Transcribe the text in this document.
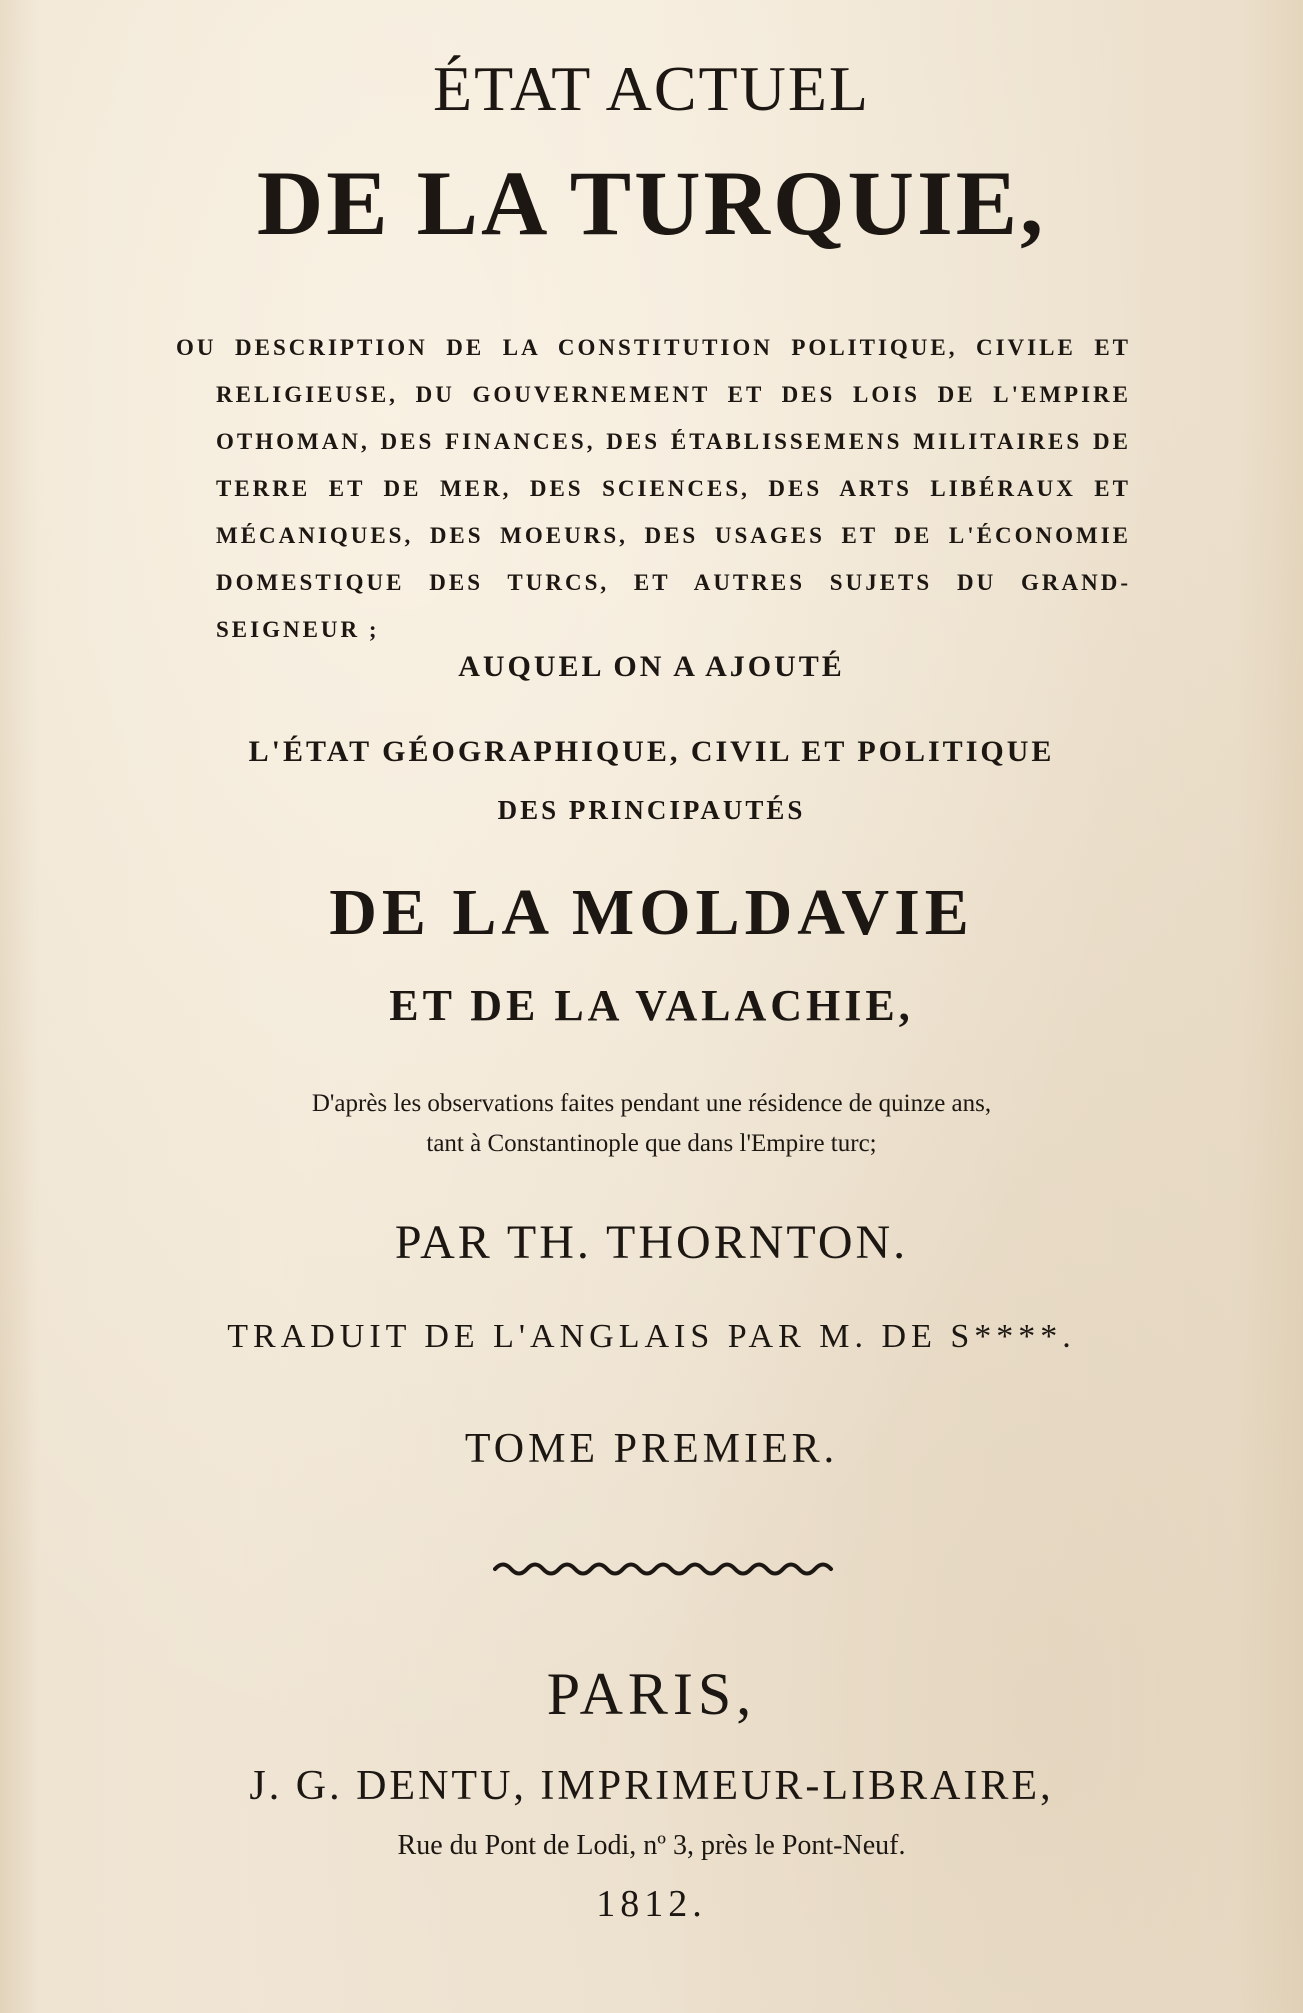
ÉTAT ACTUEL
DE LA TURQUIE,

OU DESCRIPTION DE LA CONSTITUTION POLITIQUE, CIVILE ET

RELIGIEUSE, DU GOUVERNEMENT ET DES LOIS DE L'EMPIRE

OTHOMAN, DES FINANCES, DES ÉTABLISSEMENS MILITAIRES DE

TERRE ET DE MER, DES SCIENCES, DES ARTS LIBÉRAUX ET

MÉCANIQUES, DES MOEURS, DES USAGES ET DE L'ÉCONOMIE

DOMESTIQUE DES TURCS, ET AUTRES SUJETS DU GRAND-

SEIGNEUR ;

AUQUEL ON A AJOUTÉ

L'ÉTAT GÉOGRAPHIQUE, CIVIL ET POLITIQUE

DES PRINCIPAUTÉS

DE LA MOLDAVIE
ET DE LA VALACHIE,

D'après les observations faites pendant une résidence de quinze ans,

tant à Constantinople que dans l'Empire turc;

PAR TH. THORNTON.

TRADUIT DE L'ANGLAIS PAR M. DE S****.

TOME PREMIER.

PARIS,

J. G. DENTU, IMPRIMEUR-LIBRAIRE,

Rue du Pont de Lodi, nº 3, près le Pont-Neuf.

1812.
